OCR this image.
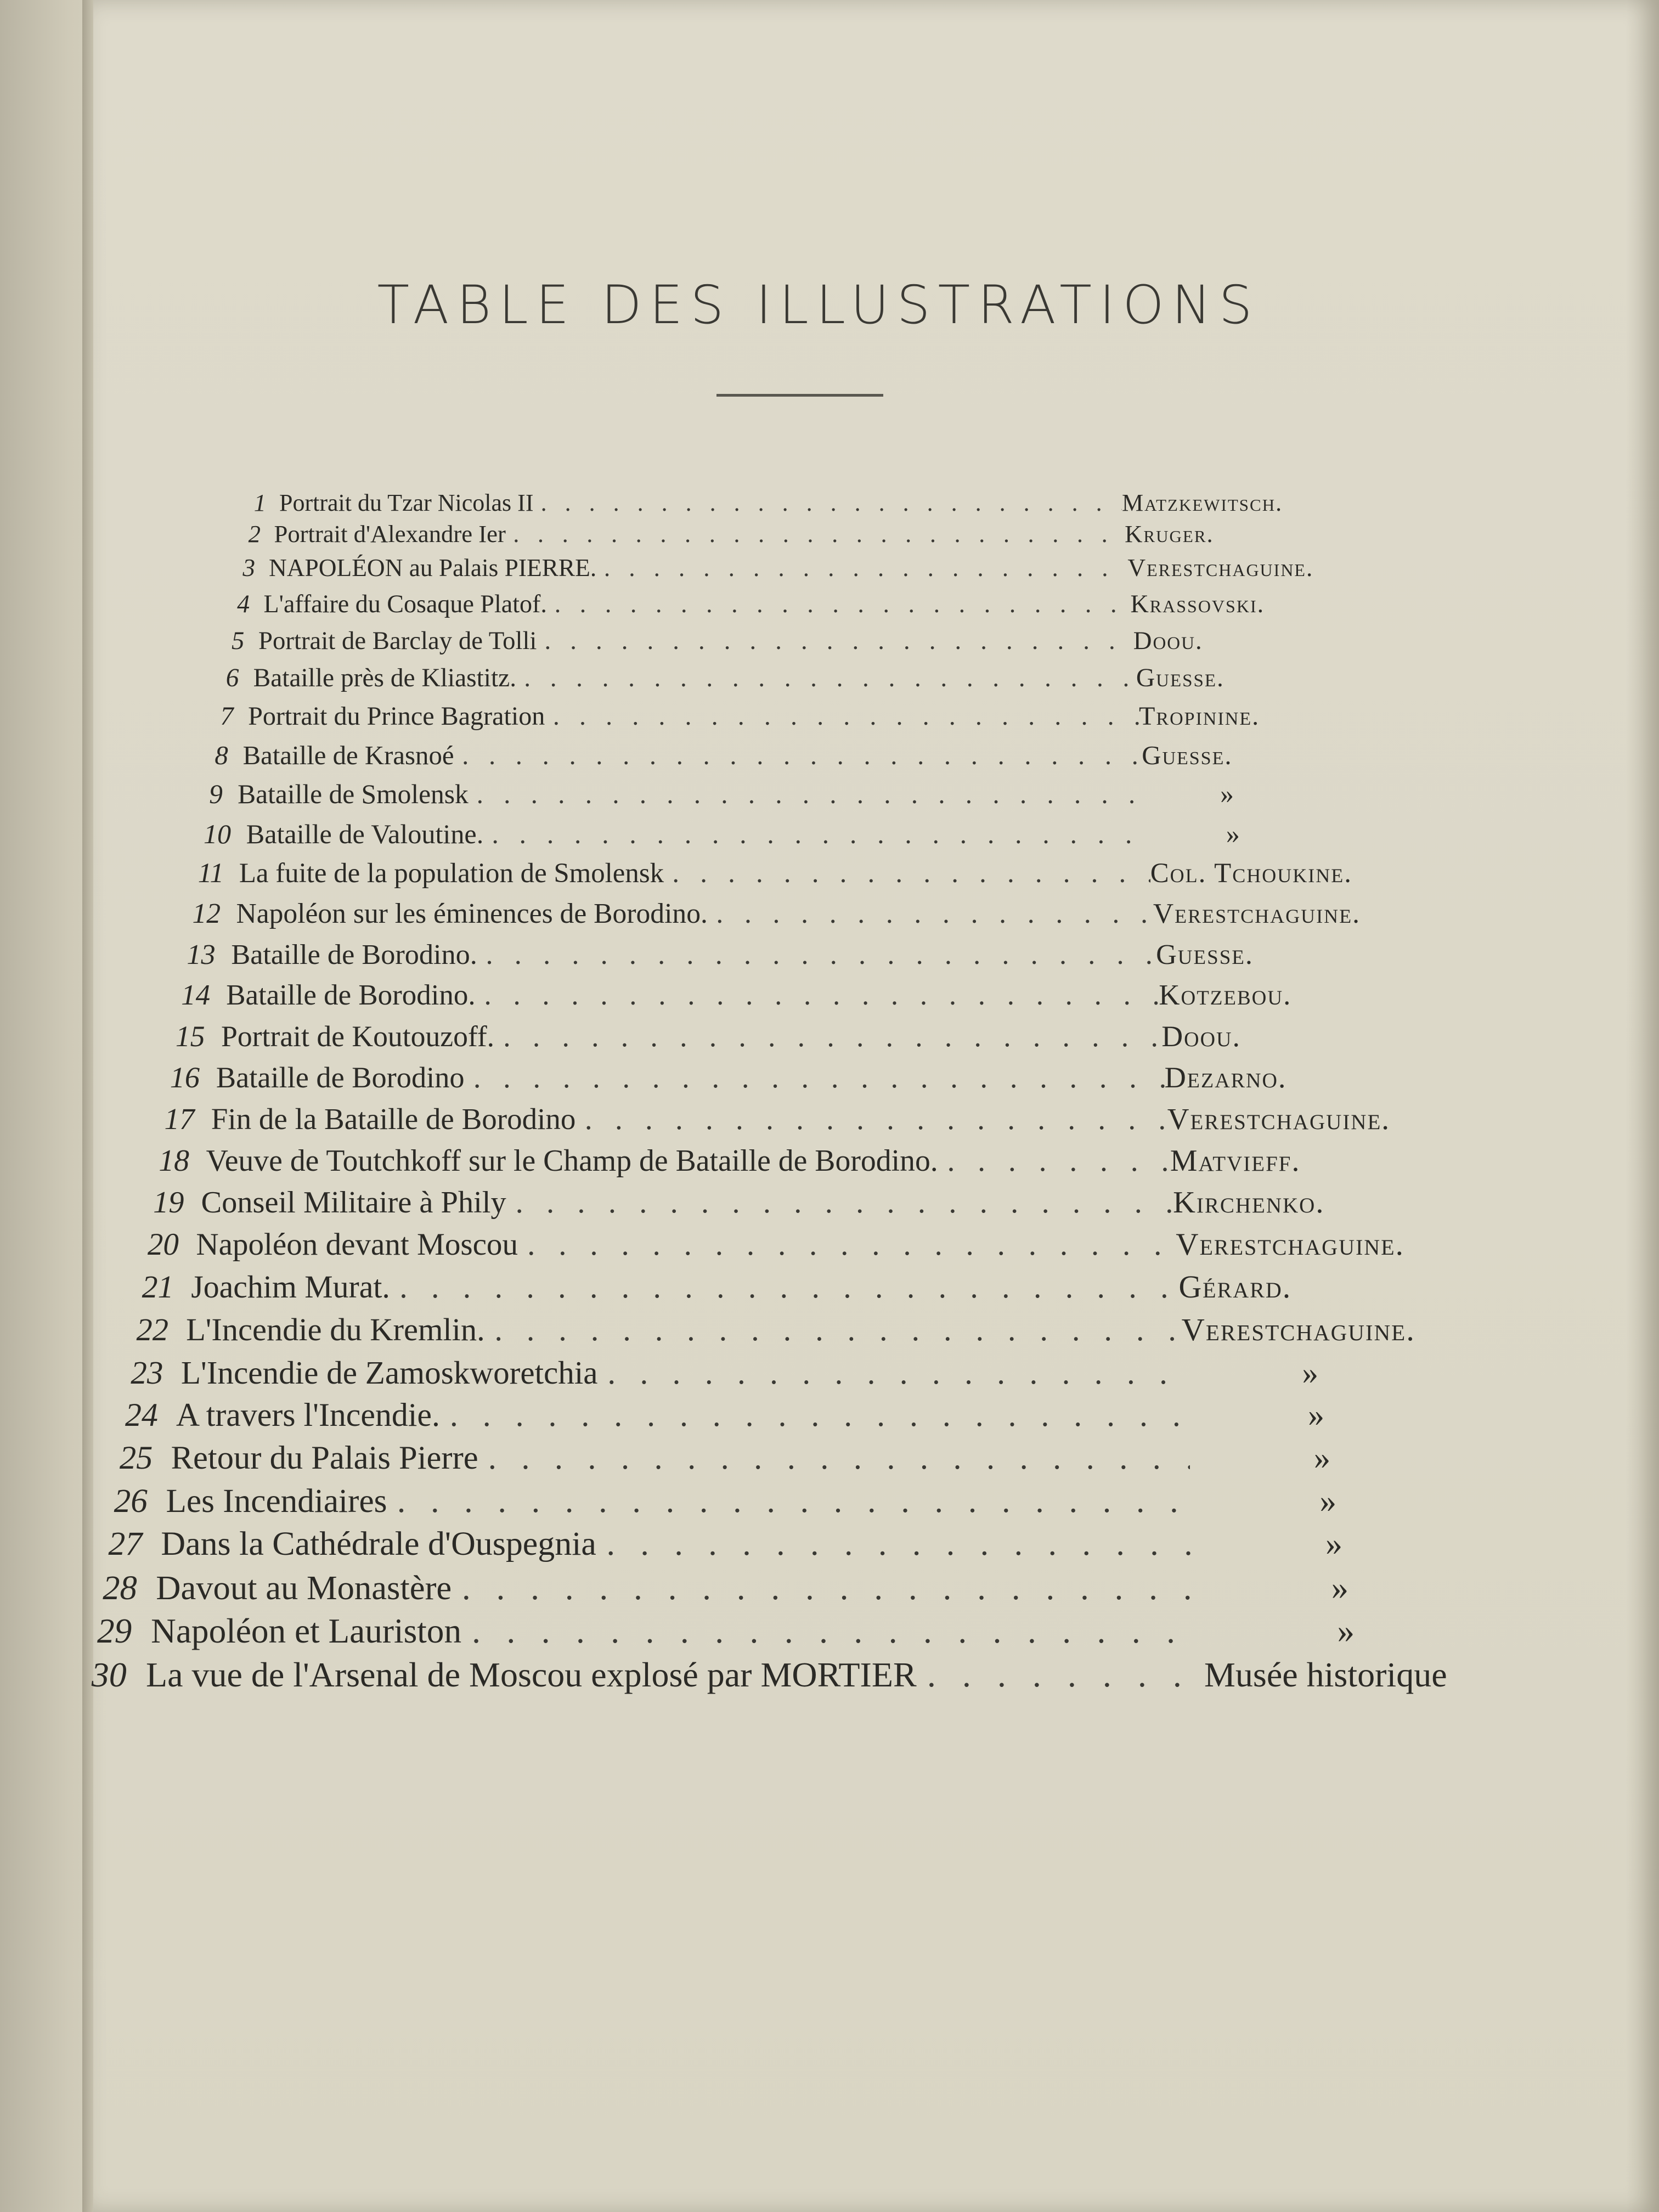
TABLE DES ILLUSTRATIONS
1 Portrait du Tzar Nicolas II . . .	Matzkewitsch.
2 Portrait d'Alexandre Ier . . .	Kruger.
3 NAPOLÉON au Palais PIERRE. . . .	Verestchaguine.
4 L'affaire du Cosaque Platof. . . .	Krassovski.
5 Portrait de Barclay de Tolli . . .	Doou.
6 Bataille près de Kliastitz. . . .	Guesse.
7 Portrait du Prince Bagration . . .	Tropinine.
8 Bataille de Krasnoé . . .	Guesse.
9 Bataille de Smolensk . . .	»
10 Bataille de Valoutine. . . .	»
11 La fuite de la population de Smolensk . . .	Col. Tchoukine.
12 Napoléon sur les éminences de Borodino. . . .	Verestchaguine.
13 Bataille de Borodino. . . .	Guesse.
14 Bataille de Borodino. . . .	Kotzebou.
15 Portrait de Koutouzoff. . . .	Doou.
16 Bataille de Borodino . . .	Dezarno.
17 Fin de la Bataille de Borodino . . .	Verestchaguine.
18 Veuve de Toutchkoff sur le Champ de Bataille de Borodino. . . .	Matvieff.
19 Conseil Militaire à Phily . . .	Kirchenko.
20 Napoléon devant Moscou . . .	Verestchaguine.
21 Joachim Murat. . . .	Gérard.
22 L'Incendie du Kremlin. . . .	Verestchaguine.
23 L'Incendie de Zamoskworetchia . . .	»
24 A travers l'Incendie. . . .	»
25 Retour du Palais Pierre . . .	»
26 Les Incendiaires . . .	»
27 Dans la Cathédrale d'Ouspegnia . . .	»
28 Davout au Monastère . . .	»
29 Napoléon et Lauriston . . .	»
30 La vue de l'Arsenal de Moscou explosé par MORTIER . . .	Musée historique
